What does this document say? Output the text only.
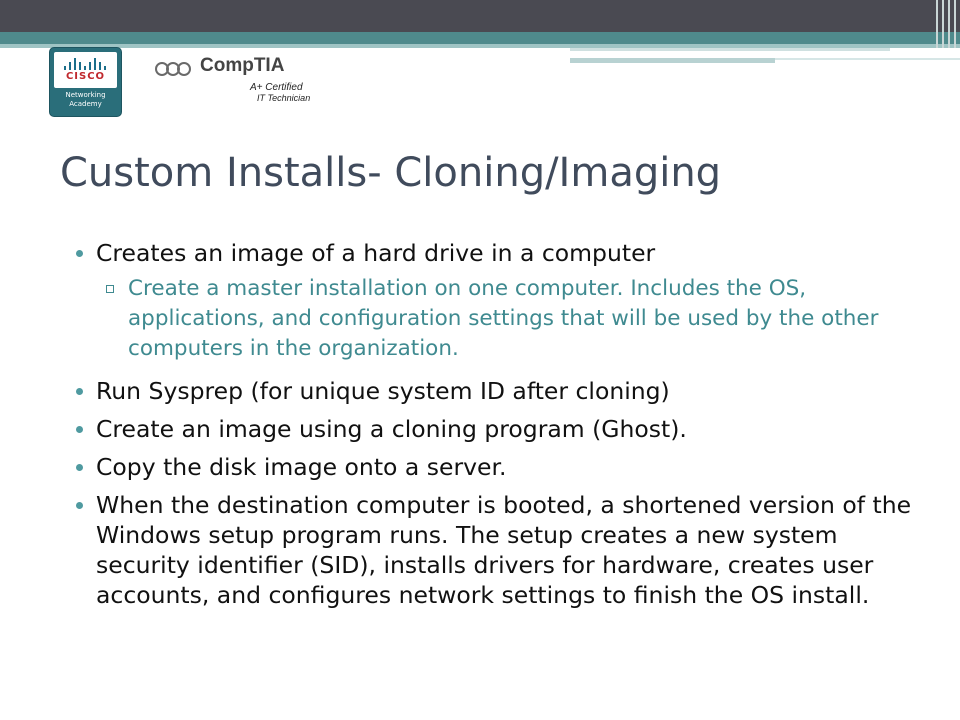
CISCO
Networking
Academy
CompTIA
A+ Certified
IT Technician
Custom Installs- Cloning/Imaging

Creates an image of a hard drive in a computer

Create a master installation on one computer. Includes the OS, applications, and configuration settings that will be used by the other computers in the organization.

Run Sysprep (for unique system ID after cloning)

Create an image using a cloning program (Ghost).

Copy the disk image onto a server.

When the destination computer is booted, a shortened version of the Windows setup program runs. The setup creates a new system security identifier (SID), installs drivers for hardware, creates user accounts, and configures network settings to finish the OS install.
